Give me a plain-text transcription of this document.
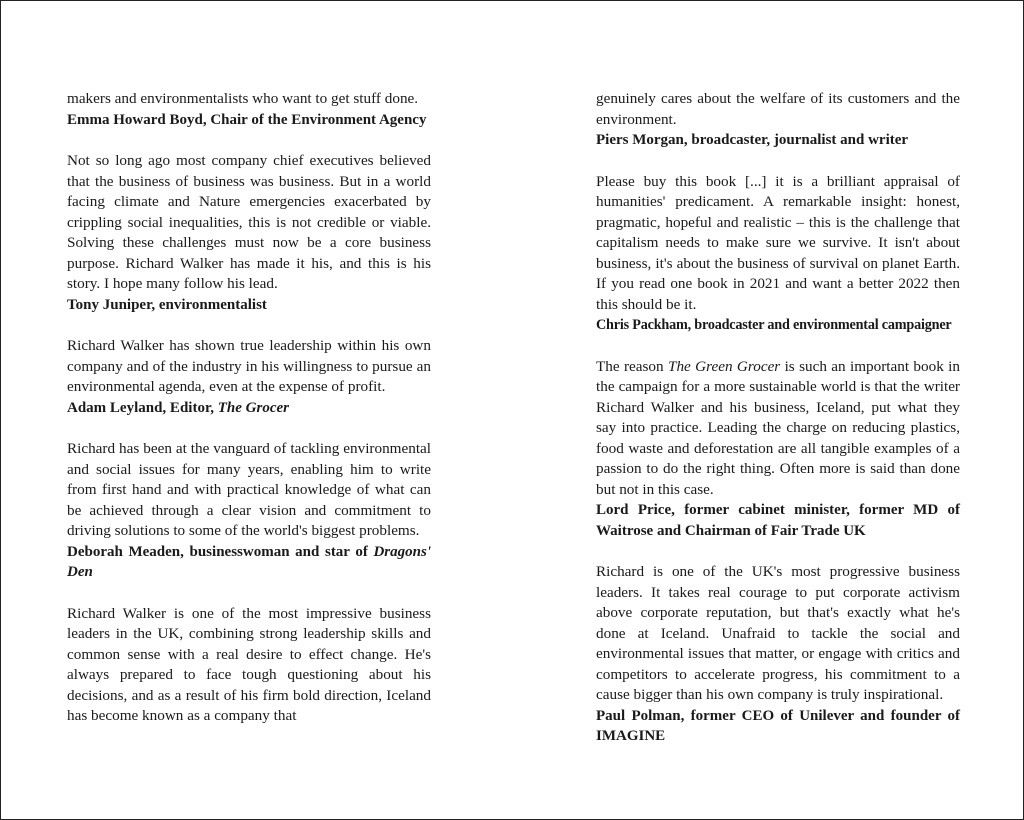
makers and environmentalists who want to get stuff done.

Emma Howard Boyd, Chair of the Environment Agency

Not so long ago most company chief executives believed that the business of business was business. But in a world facing climate and Nature emergencies exacerbated by crippling social inequalities, this is not credible or viable. Solving these challenges must now be a core business purpose. Richard Walker has made it his, and this is his story. I hope many follow his lead.

Tony Juniper, environmentalist

Richard Walker has shown true leadership within his own company and of the industry in his willingness to pursue an environmental agenda, even at the expense of profit.

Adam Leyland, Editor, The Grocer

Richard has been at the vanguard of tackling environmental and social issues for many years, enabling him to write from first hand and with practical knowledge of what can be achieved through a clear vision and commitment to driving solutions to some of the world's biggest problems.

Deborah Meaden, businesswoman and star of Dragons' Den

Richard Walker is one of the most impressive business leaders in the UK, combining strong leadership skills and common sense with a real desire to effect change. He's always prepared to face tough questioning about his decisions, and as a result of his firm bold direction, Iceland has become known as a company that

genuinely cares about the welfare of its customers and the environment.

Piers Morgan, broadcaster, journalist and writer

Please buy this book [...] it is a brilliant appraisal of humanities' predicament. A remarkable insight: honest, pragmatic, hopeful and realistic – this is the challenge that capitalism needs to make sure we survive. It isn't about business, it's about the business of survival on planet Earth. If you read one book in 2021 and want a better 2022 then this should be it.

Chris Packham, broadcaster and environmental campaigner

The reason The Green Grocer is such an important book in the campaign for a more sustainable world is that the writer Richard Walker and his business, Iceland, put what they say into practice. Leading the charge on reducing plastics, food waste and deforestation are all tangible examples of a passion to do the right thing. Often more is said than done but not in this case.

Lord Price, former cabinet minister, former MD of Waitrose and Chairman of Fair Trade UK

Richard is one of the UK's most progressive business leaders. It takes real courage to put corporate activism above corporate reputation, but that's exactly what he's done at Iceland. Unafraid to tackle the social and environmental issues that matter, or engage with critics and competitors to accelerate progress, his commitment to a cause bigger than his own company is truly inspirational.

Paul Polman, former CEO of Unilever and founder of IMAGINE
